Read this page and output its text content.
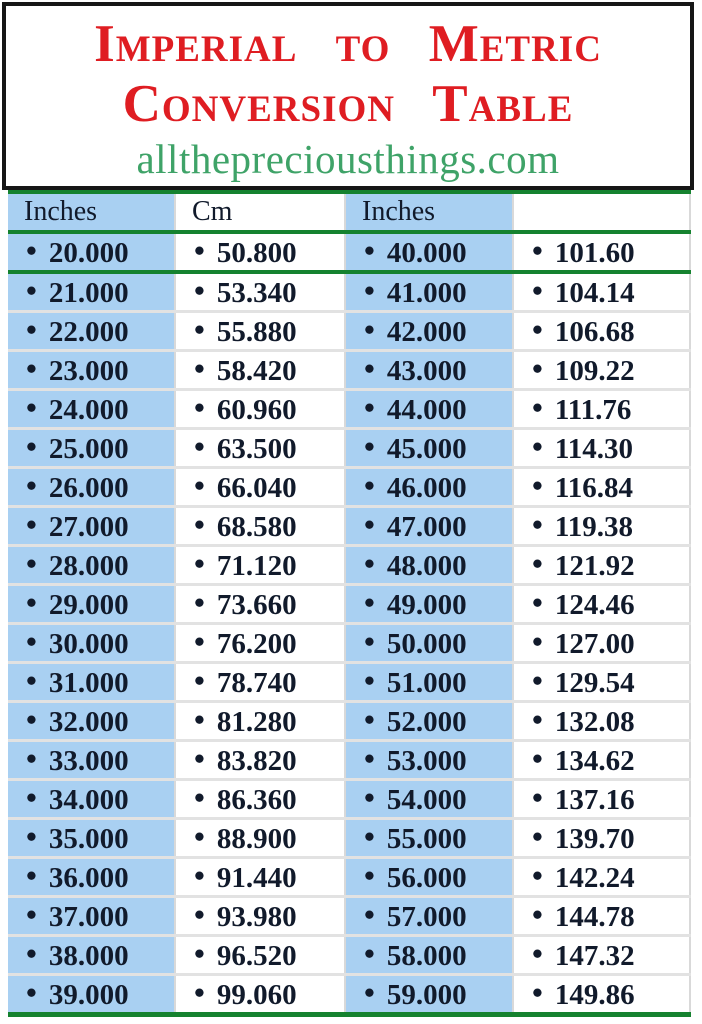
Imperial to Metric
Conversion Table

allthepreciousthings.com

Inches	Cm	Inches	
• 20.000	• 50.800	• 40.000	• 101.60
• 21.000	• 53.340	• 41.000	• 104.14
• 22.000	• 55.880	• 42.000	• 106.68
• 23.000	• 58.420	• 43.000	• 109.22
• 24.000	• 60.960	• 44.000	• 111.76
• 25.000	• 63.500	• 45.000	• 114.30
• 26.000	• 66.040	• 46.000	• 116.84
• 27.000	• 68.580	• 47.000	• 119.38
• 28.000	• 71.120	• 48.000	• 121.92
• 29.000	• 73.660	• 49.000	• 124.46
• 30.000	• 76.200	• 50.000	• 127.00
• 31.000	• 78.740	• 51.000	• 129.54
• 32.000	• 81.280	• 52.000	• 132.08
• 33.000	• 83.820	• 53.000	• 134.62
• 34.000	• 86.360	• 54.000	• 137.16
• 35.000	• 88.900	• 55.000	• 139.70
• 36.000	• 91.440	• 56.000	• 142.24
• 37.000	• 93.980	• 57.000	• 144.78
• 38.000	• 96.520	• 58.000	• 147.32
• 39.000	• 99.060	• 59.000	• 149.86
